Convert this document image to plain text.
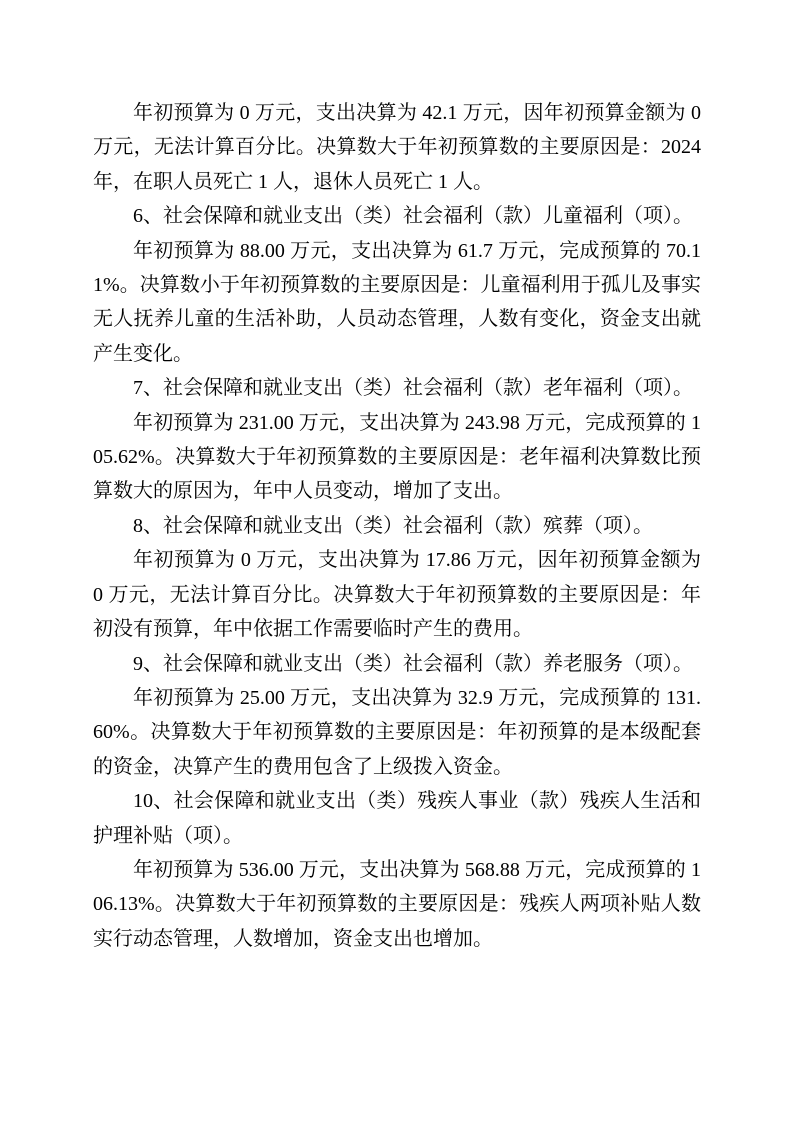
年初预算为 0 万元，支出决算为 42.1 万元，因年初预算金额为 0 万元，无法计算百分比。决算数大于年初预算数的主要原因是：2024 年，在职人员死亡 1 人，退休人员死亡 1 人。

6、社会保障和就业支出（类）社会福利（款）儿童福利（项）。

年初预算为 88.00 万元，支出决算为 61.7 万元，完成预算的 70.11%。决算数小于年初预算数的主要原因是：儿童福利用于孤儿及事实无人抚养儿童的生活补助，人员动态管理，人数有变化，资金支出就产生变化。

7、社会保障和就业支出（类）社会福利（款）老年福利（项）。

年初预算为 231.00 万元，支出决算为 243.98 万元，完成预算的 105.62%。决算数大于年初预算数的主要原因是：老年福利决算数比预算数大的原因为，年中人员变动，增加了支出。

8、社会保障和就业支出（类）社会福利（款）殡葬（项）。

年初预算为 0 万元，支出决算为 17.86 万元，因年初预算金额为 0 万元，无法计算百分比。决算数大于年初预算数的主要原因是：年初没有预算，年中依据工作需要临时产生的费用。

9、社会保障和就业支出（类）社会福利（款）养老服务（项）。

年初预算为 25.00 万元，支出决算为 32.9 万元，完成预算的 131.60%。决算数大于年初预算数的主要原因是：年初预算的是本级配套的资金，决算产生的费用包含了上级拨入资金。

10、社会保障和就业支出（类）残疾人事业（款）残疾人生活和护理补贴（项）。

年初预算为 536.00 万元，支出决算为 568.88 万元，完成预算的 106.13%。决算数大于年初预算数的主要原因是：残疾人两项补贴人数实行动态管理，人数增加，资金支出也增加。
